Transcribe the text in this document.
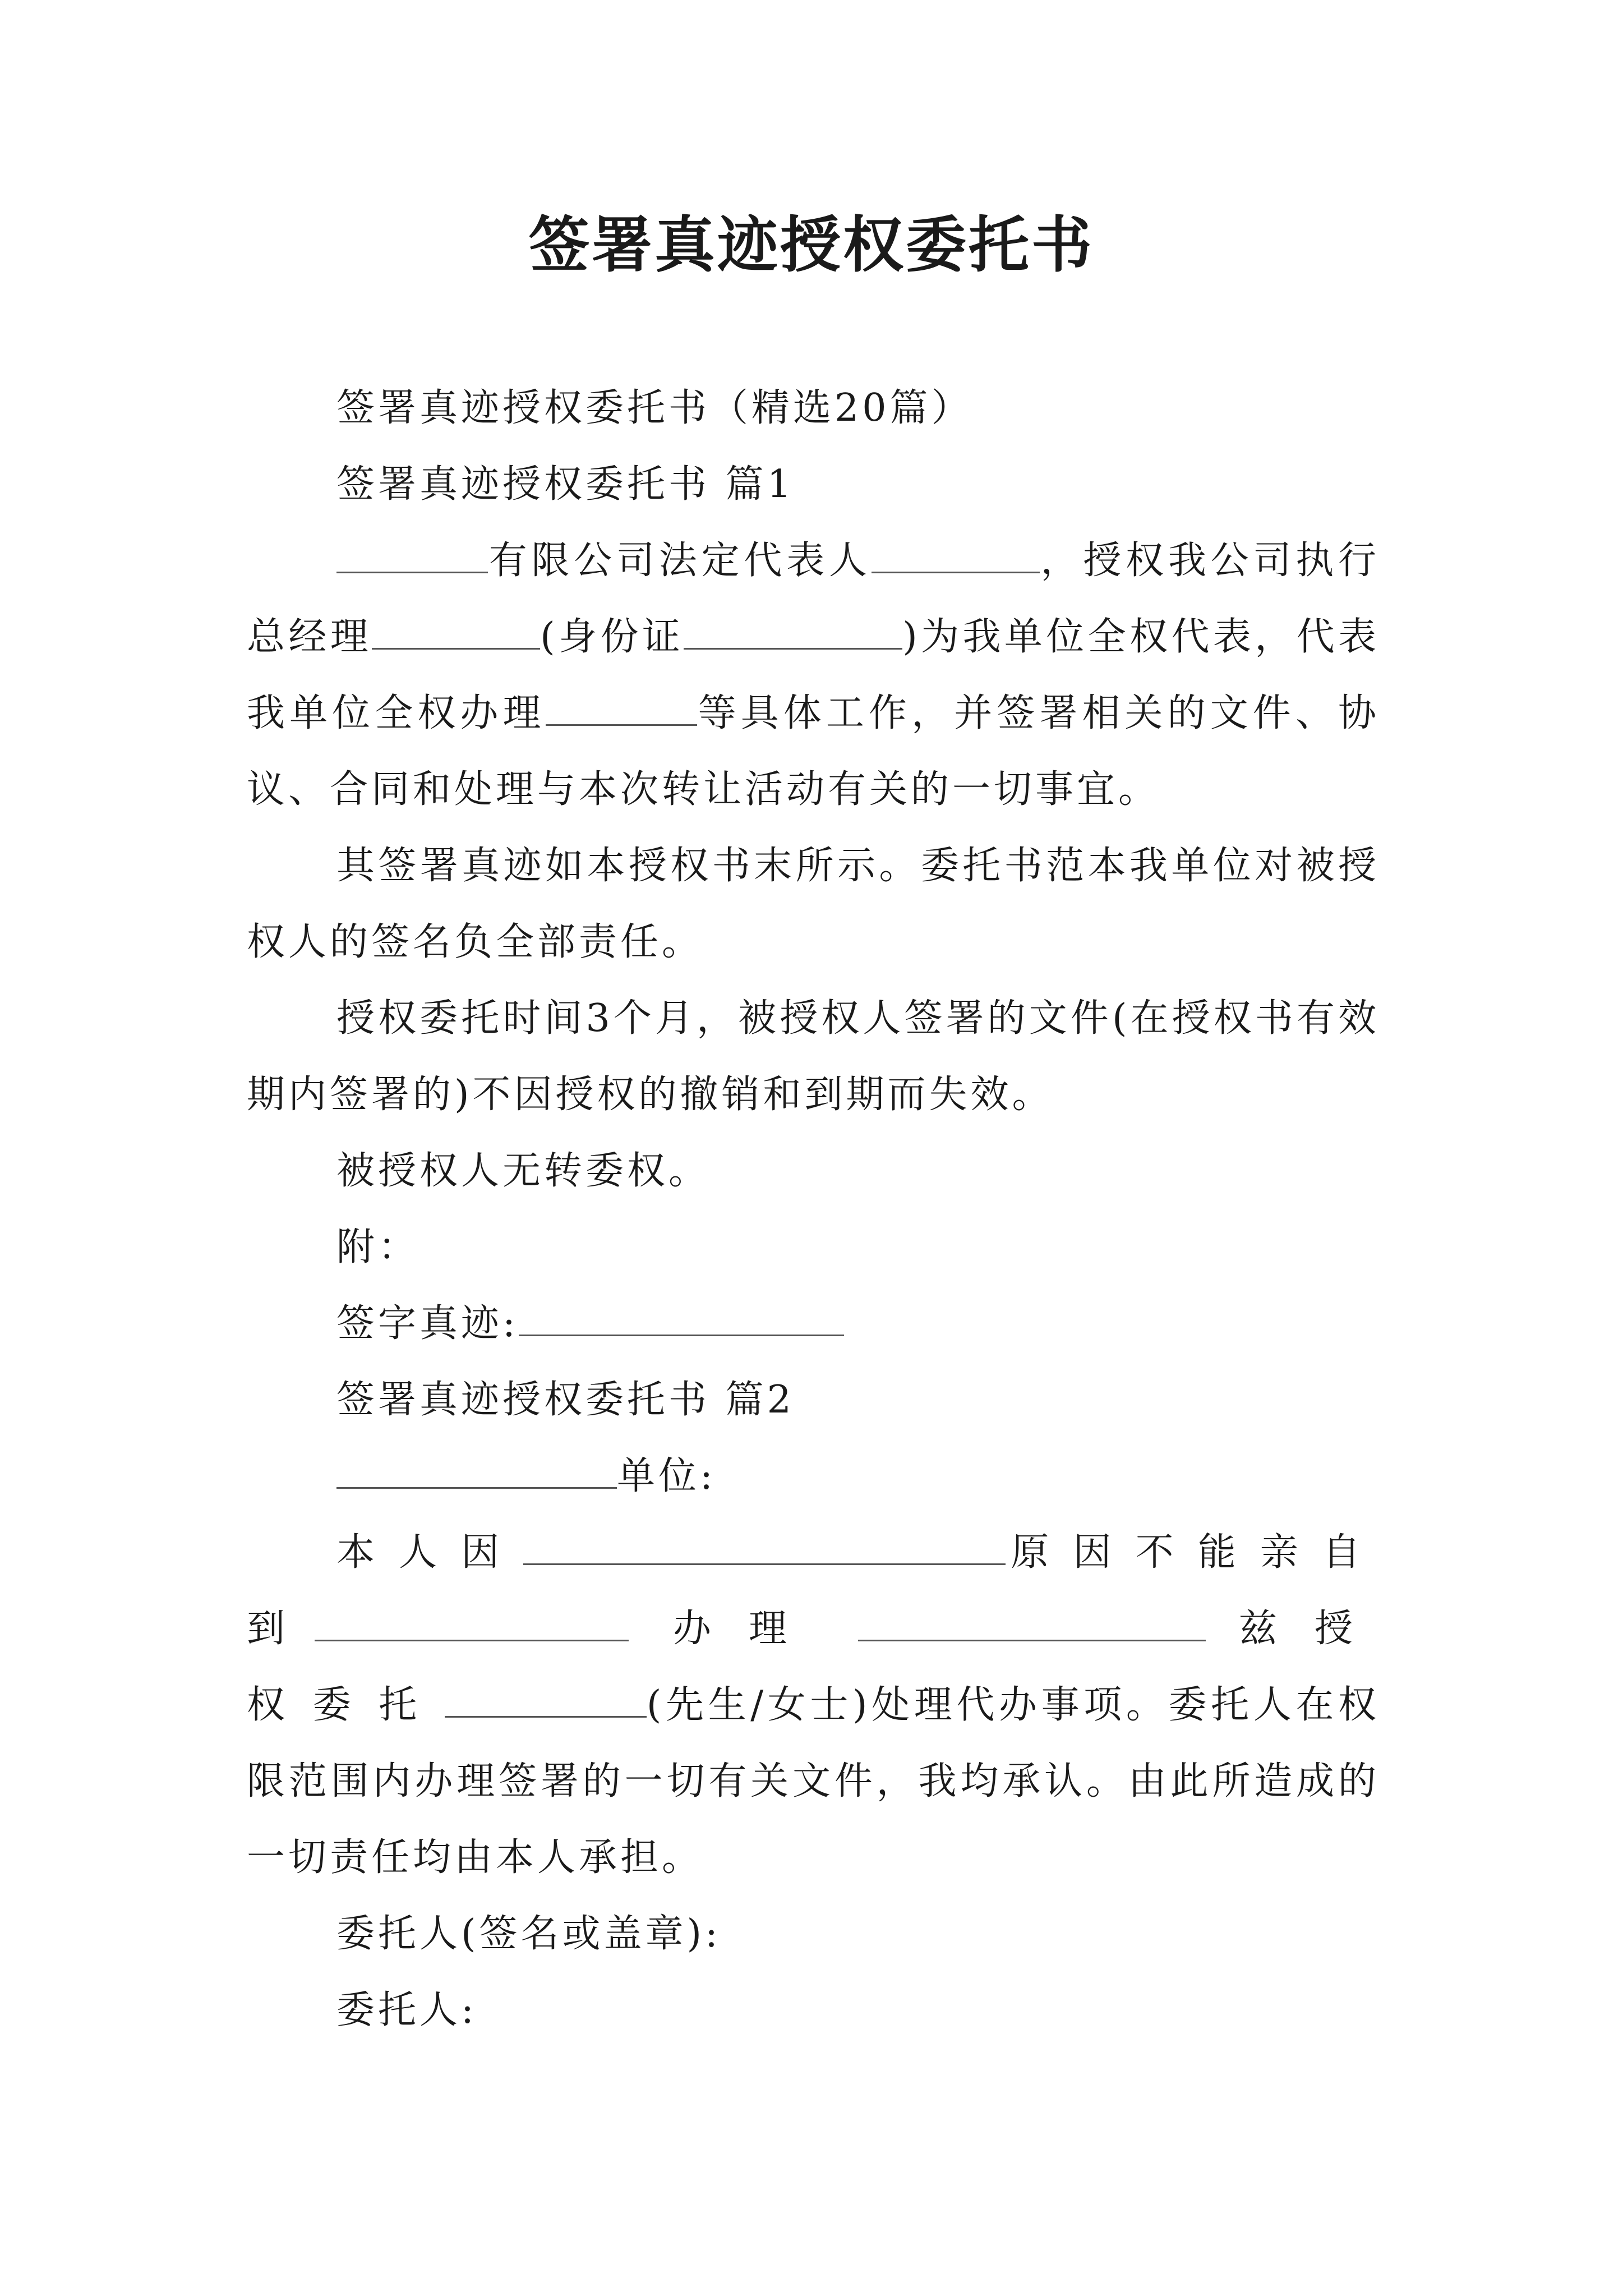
签署真迹授权委托书

签署真迹授权委托书（精选20篇）

签署真迹授权委托书 篇1

有限公司法定代表人	，授权我公司执行总经理	(身份证	)为我单位全权代表，代表我单位全权办理	等具体工作，并签署相关的文件、协议、合同和处理与本次转让活动有关的一切事宜。

其签署真迹如本授权书末所示。委托书范本我单位对被授权人的签名负全部责任。

授权委托时间3个月，被授权人签署的文件(在授权书有效期内签署的)不因授权的撤销和到期而失效。

被授权人无转委权。

附：

签字真迹:

签署真迹授权委托书 篇2

单位:

本人因	原因不能亲自到	办理	兹授权委托	(先生/女士)处理代办事项。委托人在权限范围内办理签署的一切有关文件，我均承认。由此所造成的一切责任均由本人承担。

委托人(签名或盖章):

委托人:
